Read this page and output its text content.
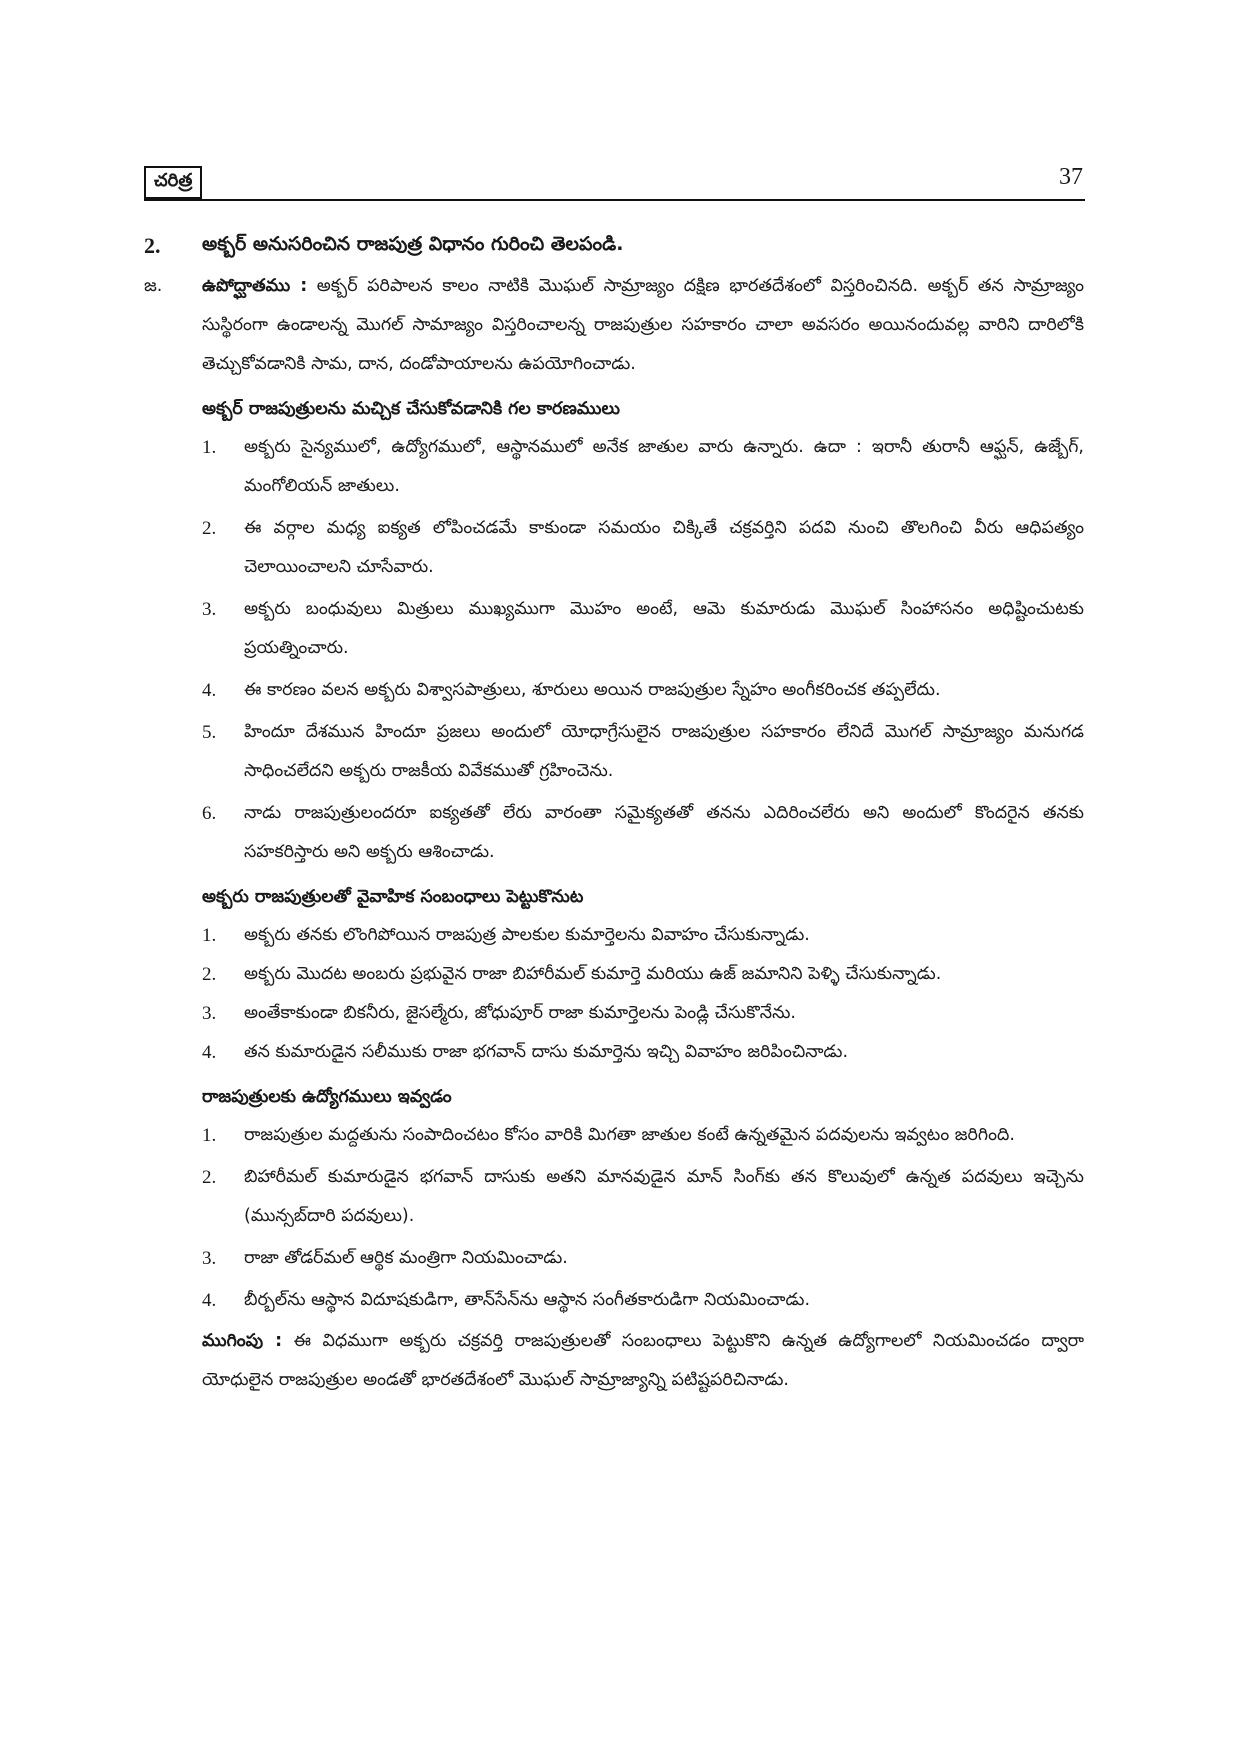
చరిత్ర	37
2.	అక్బర్ అనుసరించిన రాజపుత్ర విధానం గురించి తెలపండి.
జ.	ఉపోద్ఘాతము : అక్బర్ పరిపాలన కాలం నాటికి మొఘల్ సామ్రాజ్యం దక్షిణ భారతదేశంలో విస్తరించినది. అక్బర్ తన సామ్రాజ్యం సుస్థిరంగా ఉండాలన్న మొగల్ సామాజ్యం విస్తరించాలన్న రాజపుత్రుల సహకారం చాలా అవసరం అయినందువల్ల వారిని దారిలోకి తెచ్చుకోవడానికి సామ, దాన, దండోపాయాలను ఉపయోగించాడు.
అక్బర్ రాజపుత్రులను మచ్చిక చేసుకోవడానికి గల కారణములు
1.	అక్బరు సైన్యములో, ఉద్యోగములో, ఆస్థానములో అనేక జాతుల వారు ఉన్నారు. ఉదా : ఇరానీ తురానీ ఆఫ్ఘన్, ఉజ్బేగ్, మంగోలియన్ జాతులు.
2.	ఈ వర్గాల మధ్య ఐక్యత లోపించడమే కాకుండా సమయం చిక్కితే చక్రవర్తిని పదవి నుంచి తొలగించి వీరు ఆధిపత్యం చెలాయించాలని చూసేవారు.
3.	అక్బరు బంధువులు మిత్రులు ముఖ్యముగా మొహం అంటే, ఆమె కుమారుడు మొఘల్ సింహాసనం అధిష్టించుటకు ప్రయత్నించారు.
4.	ఈ కారణం వలన అక్బరు విశ్వాసపాత్రులు, శూరులు అయిన రాజపుత్రుల స్నేహం అంగీకరించక తప్పలేదు.
5.	హిందూ దేశమున హిందూ ప్రజలు అందులో యోధాగ్రేసులైన రాజపుత్రుల సహకారం లేనిదే మొగల్ సామ్రాజ్యం మనుగడ సాధించలేదని అక్బరు రాజకీయ వివేకముతో గ్రహించెను.
6.	నాడు రాజపుత్రులందరూ ఐక్యతతో లేరు వారంతా సమైక్యతతో తనను ఎదిరించలేరు అని అందులో కొందరైన తనకు సహకరిస్తారు అని అక్బరు ఆశించాడు.
అక్బరు రాజపుత్రులతో వైవాహిక సంబంధాలు పెట్టుకొనుట
1.	అక్బరు తనకు లొంగిపోయిన రాజపుత్ర పాలకుల కుమార్తెలను వివాహం చేసుకున్నాడు.
2.	అక్బరు మొదట అంబరు ప్రభువైన రాజా బిహారీమల్ కుమార్తె మరియు ఉజ్ జమానిని పెళ్ళి చేసుకున్నాడు.
3.	అంతేకాకుండా బికనీరు, జైసల్మేరు, జోధుపూర్ రాజా కుమార్తెలను పెండ్లి చేసుకొనేను.
4.	తన కుమారుడైన సలీముకు రాజా భగవాన్ దాసు కుమార్తెను ఇచ్చి వివాహం జరిపించినాడు.
రాజపుత్రులకు ఉద్యోగములు ఇవ్వడం
1.	రాజపుత్రుల మద్దతును సంపాదించటం కోసం వారికి మిగతా జాతుల కంటే ఉన్నతమైన పదవులను ఇవ్వటం జరిగింది.
2.	బిహారీమల్ కుమారుడైన భగవాన్ దాసుకు అతని మానవుడైన మాన్ సింగ్‌కు తన కొలువులో ఉన్నత పదవులు ఇచ్చెను (మున్సబ్‌దారి పదవులు).
3.	రాజా తోడర్‌మల్ ఆర్థిక మంత్రిగా నియమించాడు.
4.	బీర్బల్‌ను ఆస్థాన విదూషకుడిగా, తాన్‌సేన్‌ను ఆస్థాన సంగీతకారుడిగా నియమించాడు.
ముగింపు : ఈ విధముగా అక్బరు చక్రవర్తి రాజపుత్రులతో సంబంధాలు పెట్టుకొని ఉన్నత ఉద్యోగాలలో నియమించడం ద్వారా యోధులైన రాజపుత్రుల అండతో భారతదేశంలో మొఘల్ సామ్రాజ్యాన్ని పటిష్టపరిచినాడు.
